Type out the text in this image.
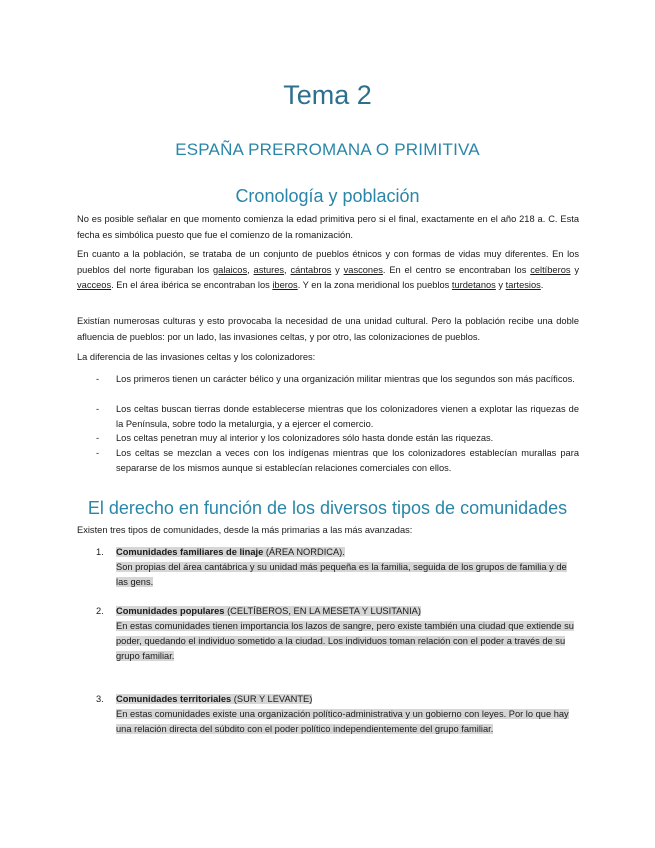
Tema 2
ESPAÑA PRERROMANA O PRIMITIVA
Cronología y población
No es posible señalar en que momento comienza la edad primitiva pero si el final, exactamente en el año 218 a. C. Esta fecha es simbólica puesto que fue el comienzo de la romanización.
En cuanto a la población, se trataba de un conjunto de pueblos étnicos y con formas de vidas muy diferentes. En los pueblos del norte figuraban los galaicos, astures, cántabros y vascones. En el centro se encontraban los celtíberos y vacceos. En el área ibérica se encontraban los iberos. Y en la zona meridional los pueblos turdetanos y tartesios.
Existían numerosas culturas y esto provocaba la necesidad de una unidad cultural. Pero la población recibe una doble afluencia de pueblos: por un lado, las invasiones celtas, y por otro, las colonizaciones de pueblos.
La diferencia de las invasiones celtas y los colonizadores:
- Los primeros tienen un carácter bélico y una organización militar mientras que los segundos son más pacíficos.
- Los celtas buscan tierras donde establecerse mientras que los colonizadores vienen a explotar las riquezas de la Península, sobre todo la metalurgia, y a ejercer el comercio.
- Los celtas penetran muy al interior y los colonizadores sólo hasta donde están las riquezas.
- Los celtas se mezclan a veces con los indígenas mientras que los colonizadores establecían murallas para separarse de los mismos aunque si establecían relaciones comerciales con ellos.
El derecho en función de los diversos tipos de comunidades
Existen tres tipos de comunidades, desde la más primarias a las más avanzadas:
1. Comunidades familiares de linaje (ÁREA NORDICA).
Son propias del área cantábrica y su unidad más pequeña es la familia, seguida de los grupos de familia y de las gens.
2. Comunidades populares (CELTÍBEROS, EN LA MESETA Y LUSITANIA)
En estas comunidades tienen importancia los lazos de sangre, pero existe también una ciudad que extiende su poder, quedando el individuo sometido a la ciudad. Los individuos toman relación con el poder a través de su grupo familiar.
3. Comunidades territoriales (SUR Y LEVANTE)
En estas comunidades existe una organización político-administrativa y un gobierno con leyes. Por lo que hay una relación directa del súbdito con el poder político independientemente del grupo familiar.
